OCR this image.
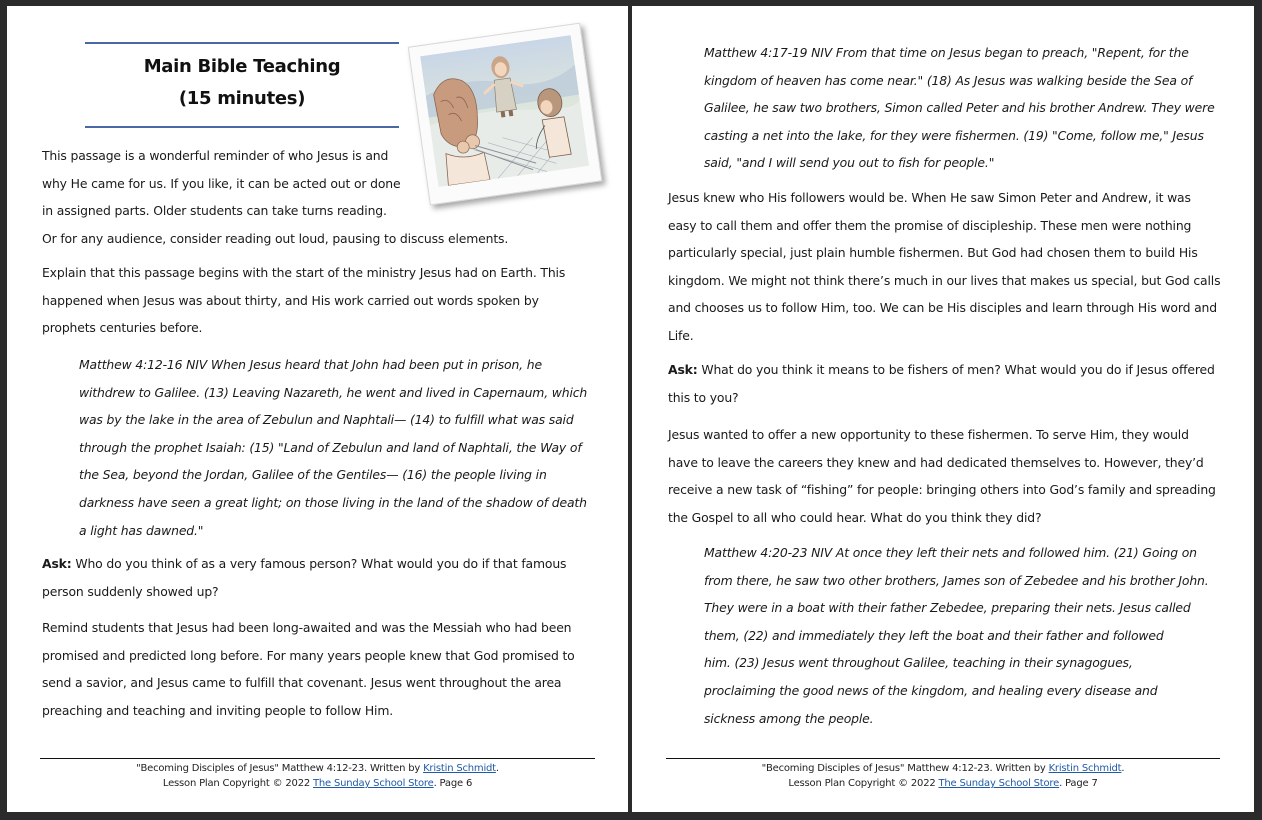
Main Bible Teaching
(15 minutes)

This passage is a wonderful reminder of who Jesus is and
why He came for us. If you like, it can be acted out or done
in assigned parts. Older students can take turns reading.
Or for any audience, consider reading out loud, pausing to discuss elements.

Explain that this passage begins with the start of the ministry Jesus had on Earth. This
happened when Jesus was about thirty, and His work carried out words spoken by
prophets centuries before.

Matthew 4:12-16 NIV When Jesus heard that John had been put in prison, he
withdrew to Galilee. (13) Leaving Nazareth, he went and lived in Capernaum, which
was by the lake in the area of Zebulun and Naphtali— (14) to fulfill what was said
through the prophet Isaiah: (15) "Land of Zebulun and land of Naphtali, the Way of
the Sea, beyond the Jordan, Galilee of the Gentiles— (16) the people living in
darkness have seen a great light; on those living in the land of the shadow of death
a light has dawned."

Ask: Who do you think of as a very famous person? What would you do if that famous
person suddenly showed up?

Remind students that Jesus had been long-awaited and was the Messiah who had been
promised and predicted long before. For many years people knew that God promised to
send a savior, and Jesus came to fulfill that covenant. Jesus went throughout the area
preaching and teaching and inviting people to follow Him.

"Becoming Disciples of Jesus" Matthew 4:12-23. Written by Kristin Schmidt.
Lesson Plan Copyright © 2022 The Sunday School Store. Page 6

Matthew 4:17-19 NIV From that time on Jesus began to preach, "Repent, for the
kingdom of heaven has come near." (18) As Jesus was walking beside the Sea of
Galilee, he saw two brothers, Simon called Peter and his brother Andrew. They were
casting a net into the lake, for they were fishermen. (19) "Come, follow me," Jesus
said, "and I will send you out to fish for people."

Jesus knew who His followers would be. When He saw Simon Peter and Andrew, it was
easy to call them and offer them the promise of discipleship. These men were nothing
particularly special, just plain humble fishermen. But God had chosen them to build His
kingdom. We might not think there’s much in our lives that makes us special, but God calls
and chooses us to follow Him, too. We can be His disciples and learn through His word and
Life.

Ask: What do you think it means to be fishers of men? What would you do if Jesus offered
this to you?

Jesus wanted to offer a new opportunity to these fishermen. To serve Him, they would
have to leave the careers they knew and had dedicated themselves to. However, they’d
receive a new task of “fishing” for people: bringing others into God’s family and spreading
the Gospel to all who could hear. What do you think they did?

Matthew 4:20-23 NIV At once they left their nets and followed him. (21) Going on
from there, he saw two other brothers, James son of Zebedee and his brother John.
They were in a boat with their father Zebedee, preparing their nets. Jesus called
them, (22) and immediately they left the boat and their father and followed
him. (23) Jesus went throughout Galilee, teaching in their synagogues,
proclaiming the good news of the kingdom, and healing every disease and
sickness among the people.

"Becoming Disciples of Jesus" Matthew 4:12-23. Written by Kristin Schmidt.
Lesson Plan Copyright © 2022 The Sunday School Store. Page 7
